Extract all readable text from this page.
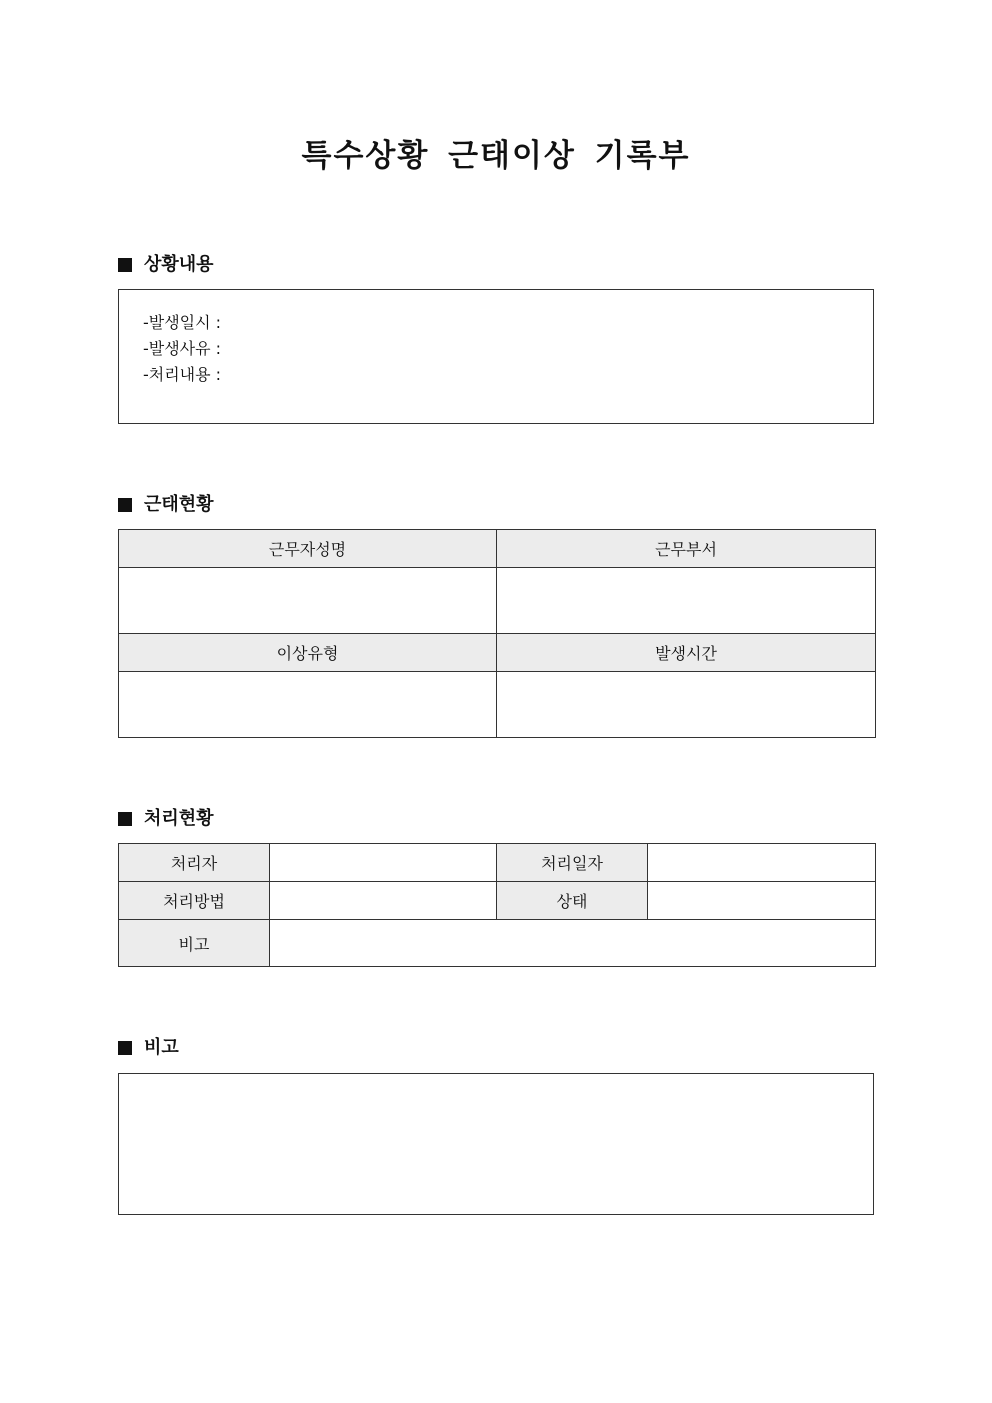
특수상황 근태이상 기록부
상황내용
-발생일시 :
-발생사유 :
-처리내용 :
근태현황
근무자성명	근무부서

이상유형	발생시간

처리현황
처리자		처리일자	
처리방법		상태	
비고			
비고
